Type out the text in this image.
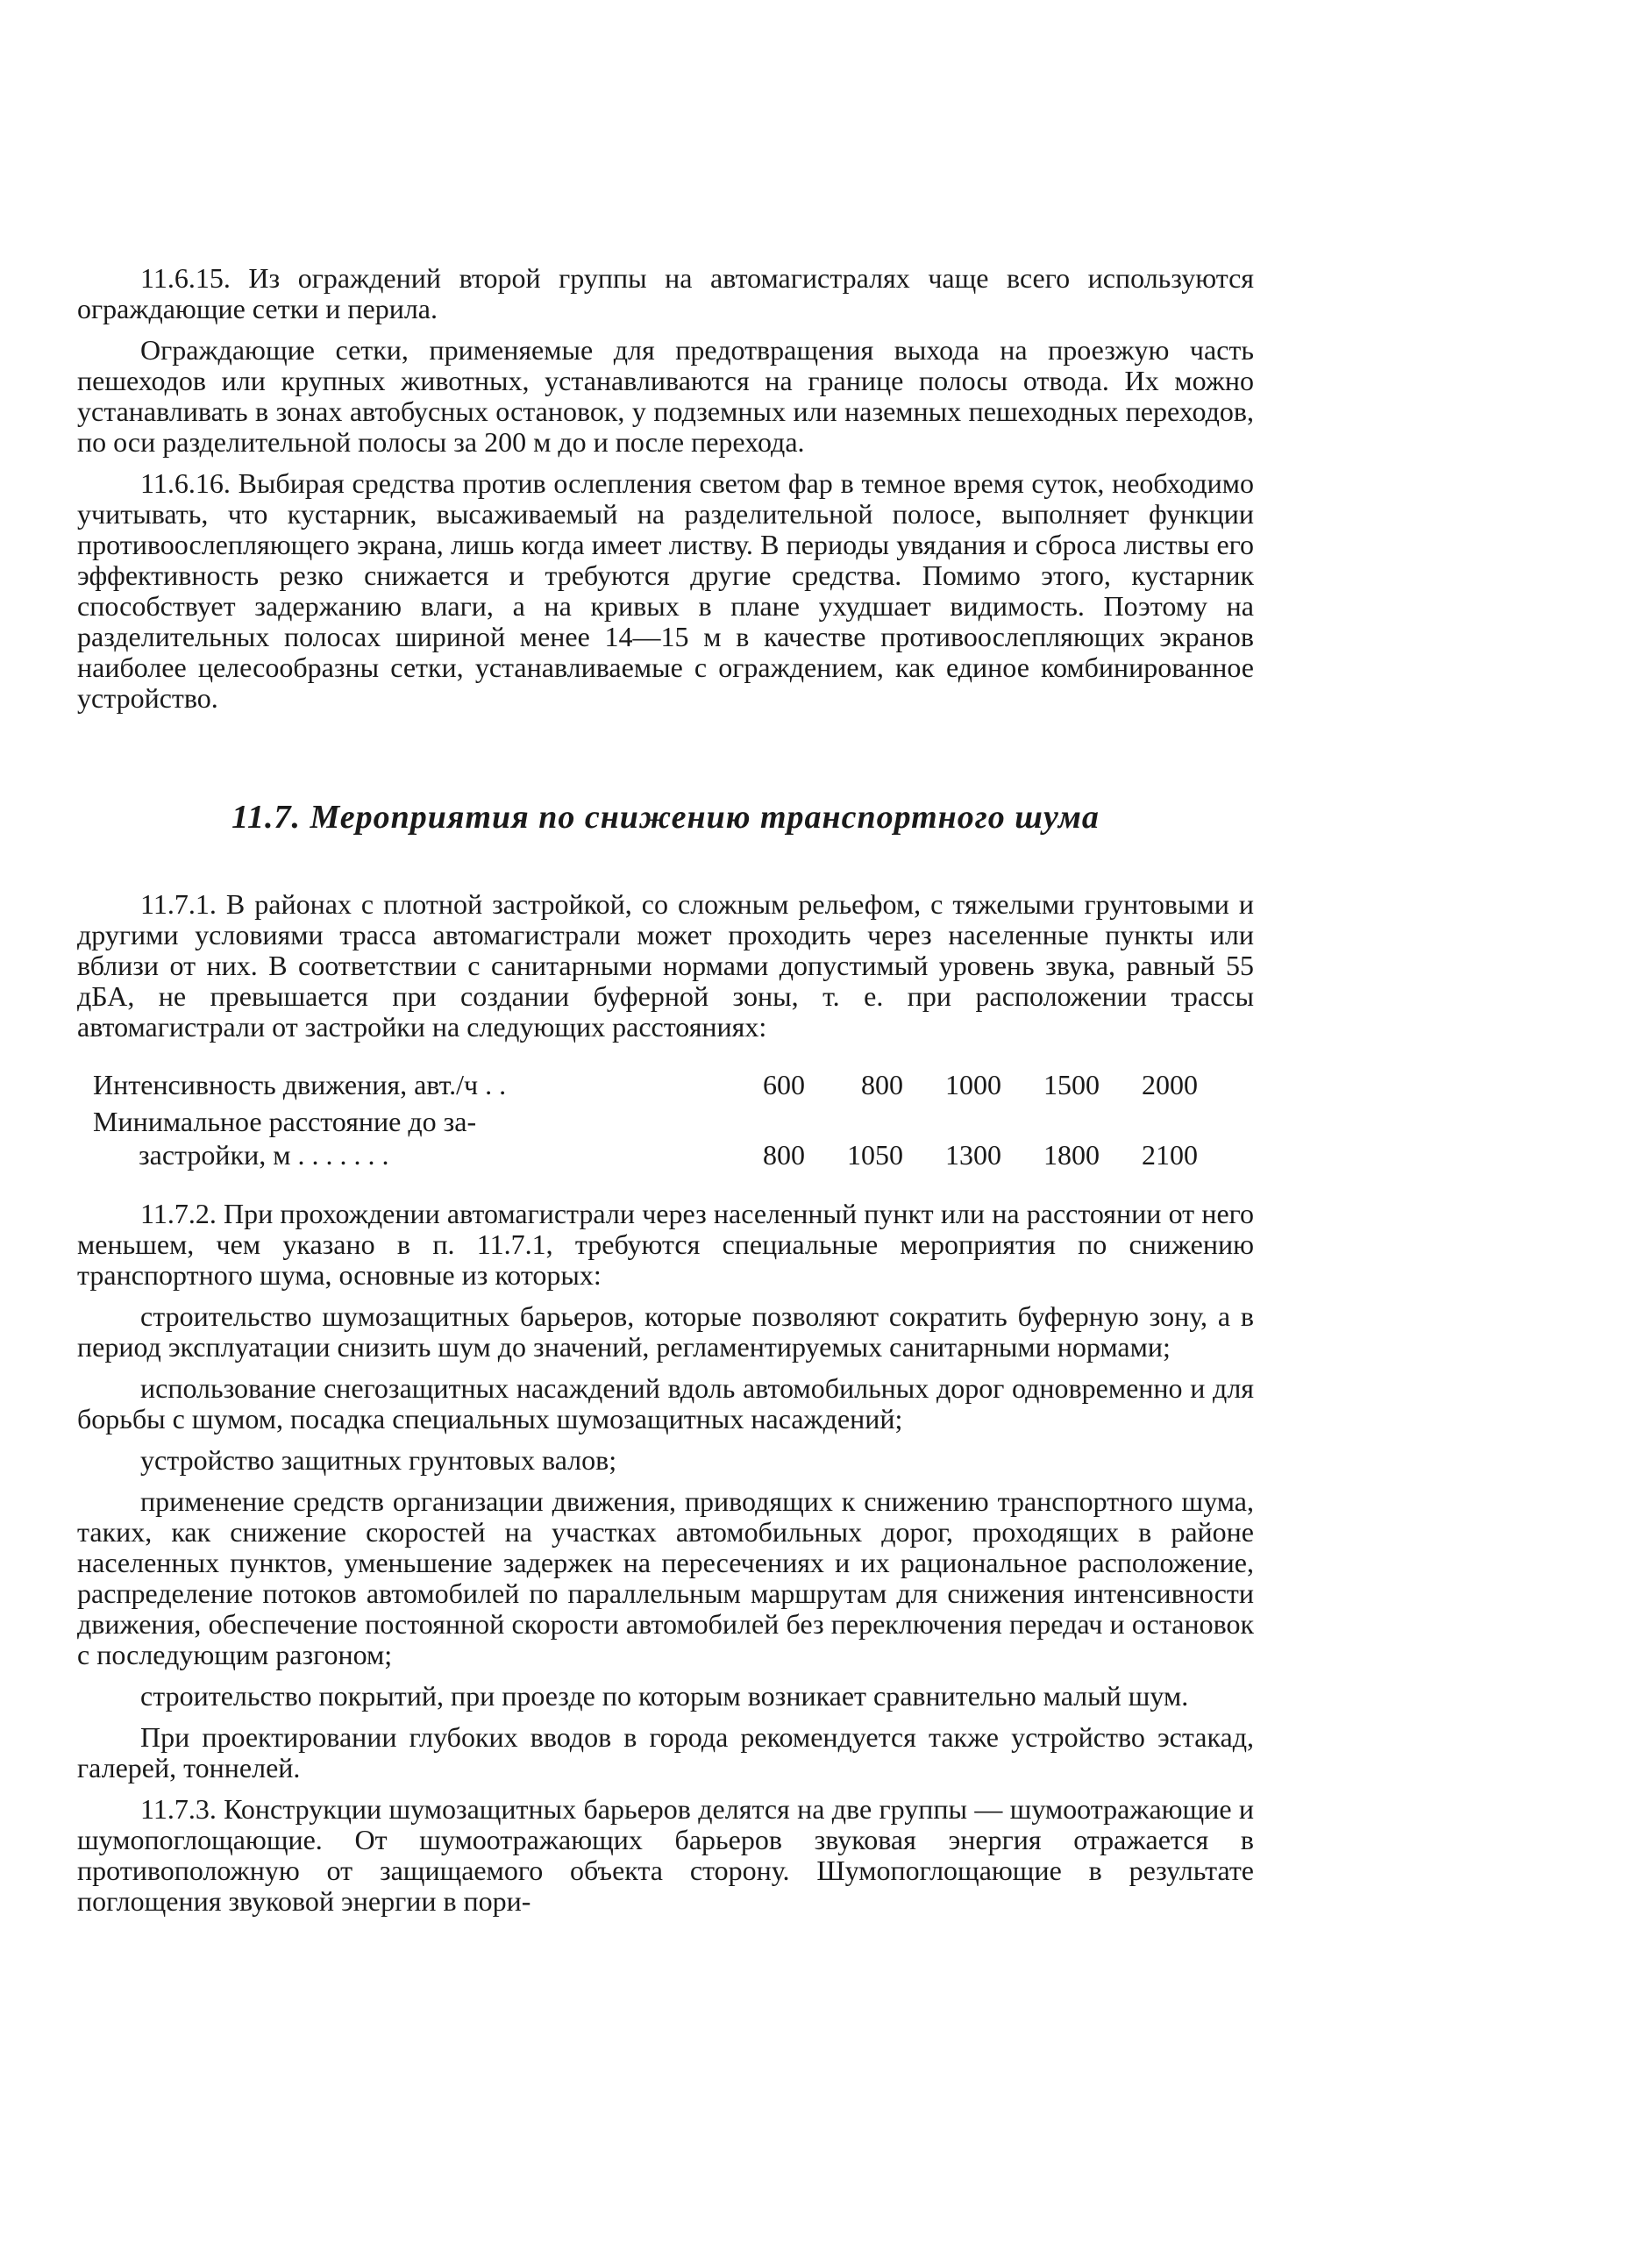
11.6.15. Из ограждений второй группы на автомагистралях чаще всего используются ограждающие сетки и перила.

Ограждающие сетки, применяемые для предотвращения выхода на проезжую часть пешеходов или крупных животных, устанавливаются на границе полосы отвода. Их можно устанавливать в зонах автобусных остановок, у подземных или наземных пешеходных переходов, по оси разделительной полосы за 200 м до и после перехода.

11.6.16. Выбирая средства против ослепления светом фар в темное время суток, необходимо учитывать, что кустарник, высаживаемый на разделительной полосе, выполняет функции противоослепляющего экрана, лишь когда имеет листву. В периоды увядания и сброса листвы его эффективность резко снижается и требуются другие средства. Помимо этого, кустарник способствует задержанию влаги, а на кривых в плане ухудшает видимость. Поэтому на разделительных полосах шириной менее 14—15 м в качестве противоослепляющих экранов наиболее целесообразны сетки, устанавливаемые с ограждением, как единое комбинированное устройство.

11.7. Мероприятия по снижению транспортного шума

11.7.1. В районах с плотной застройкой, со сложным рельефом, с тяжелыми грунтовыми и другими условиями трасса автомагистрали может проходить через населенные пункты или вблизи от них. В соответствии с санитарными нормами допустимый уровень звука, равный 55 дБА, не превышается при создании буферной зоны, т. е. при расположении трассы автомагистрали от застройки на следующих расстояниях:

Интенсивность движения, авт./ч . .	600	800	1000	1500	2000

Минимальное расстояние до за-					
застройки, м . . . . . . .	800	1050	1300	1800	2100

11.7.2. При прохождении автомагистрали через населенный пункт или на расстоянии от него меньшем, чем указано в п. 11.7.1, требуются специальные мероприятия по снижению транспортного шума, основные из которых:

строительство шумозащитных барьеров, которые позволяют сократить буферную зону, а в период эксплуатации снизить шум до значений, регламентируемых санитарными нормами;

использование снегозащитных насаждений вдоль автомобильных дорог одновременно и для борьбы с шумом, посадка специальных шумозащитных насаждений;

устройство защитных грунтовых валов;

применение средств организации движения, приводящих к снижению транспортного шума, таких, как снижение скоростей на участках автомобильных дорог, проходящих в районе населенных пунктов, уменьшение задержек на пересечениях и их рациональное расположение, распределение потоков автомобилей по параллельным маршрутам для снижения интенсивности движения, обеспечение постоянной скорости автомобилей без переключения передач и остановок с последующим разгоном;

строительство покрытий, при проезде по которым возникает сравнительно малый шум.

При проектировании глубоких вводов в города рекомендуется также устройство эстакад, галерей, тоннелей.

11.7.3. Конструкции шумозащитных барьеров делятся на две группы — шумоотражающие и шумопоглощающие. От шумоотражающих барьеров звуковая энергия отражается в противоположную от защищаемого объекта сторону. Шумопоглощающие в результате поглощения звуковой энергии в пори-
